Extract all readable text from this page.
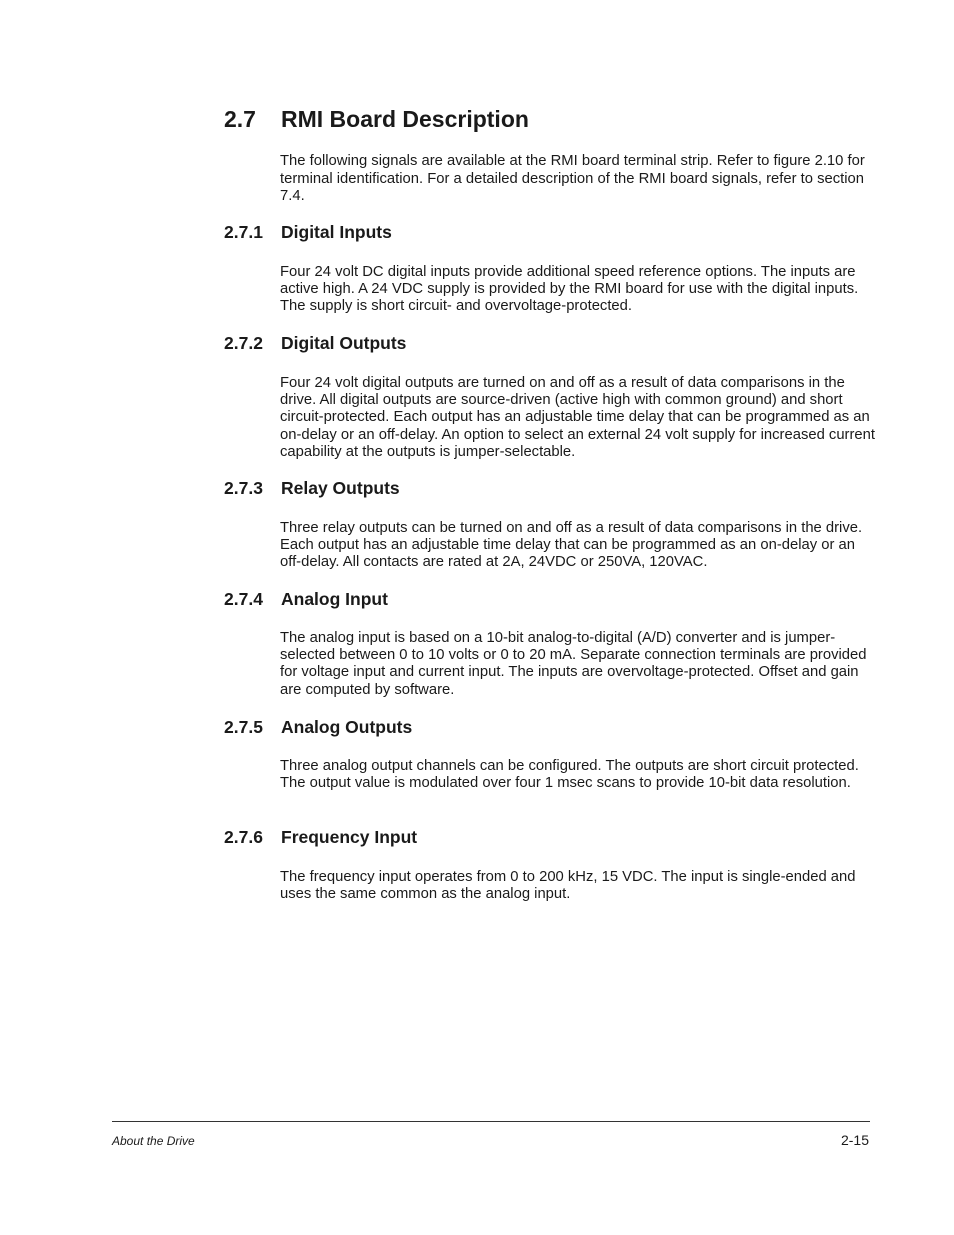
2.7 RMI Board Description

The following signals are available at the RMI board terminal strip. Refer to figure 2.10 for terminal identification. For a detailed description of the RMI board signals, refer to section 7.4.

2.7.1 Digital Inputs

Four 24 volt DC digital inputs provide additional speed reference options. The inputs are active high. A 24 VDC supply is provided by the RMI board for use with the digital inputs. The supply is short circuit- and overvoltage-protected.

2.7.2 Digital Outputs

Four 24 volt digital outputs are turned on and off as a result of data comparisons in the drive. All digital outputs are source-driven (active high with common ground) and short circuit-protected. Each output has an adjustable time delay that can be programmed as an on-delay or an off-delay. An option to select an external 24 volt supply for increased current capability at the outputs is jumper-selectable.

2.7.3 Relay Outputs

Three relay outputs can be turned on and off as a result of data comparisons in the drive. Each output has an adjustable time delay that can be programmed as an on-delay or an off-delay. All contacts are rated at 2A, 24VDC or 250VA, 120VAC.

2.7.4 Analog Input

The analog input is based on a 10-bit analog-to-digital (A/D) converter and is jumper-selected between 0 to 10 volts or 0 to 20 mA. Separate connection terminals are provided for voltage input and current input. The inputs are overvoltage-protected. Offset and gain are computed by software.

2.7.5 Analog Outputs

Three analog output channels can be configured. The outputs are short circuit protected. The output value is modulated over four 1 msec scans to provide 10-bit data resolution.

2.7.6 Frequency Input

The frequency input operates from 0 to 200 kHz, 15 VDC. The input is single-ended and uses the same common as the analog input.

About the Drive	2-15
